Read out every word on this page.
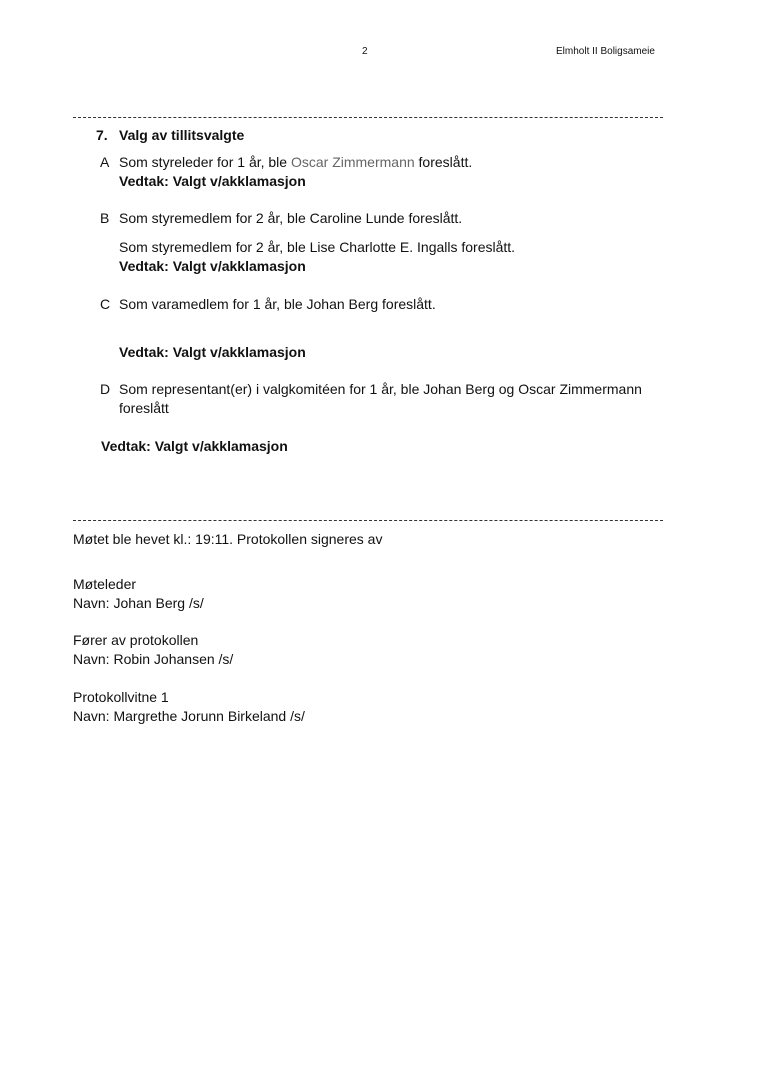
2	Elmholt II Boligsameie
7. Valg av tillitsvalgte
A Som styreleder for 1 år, ble Oscar Zimmermann foreslått.
Vedtak: Valgt v/akklamasjon
B Som styremedlem for 2 år, ble Caroline Lunde foreslått.
Som styremedlem for 2 år, ble Lise Charlotte E. Ingalls foreslått.
Vedtak: Valgt v/akklamasjon
C Som varamedlem for 1 år, ble Johan Berg foreslått.
Vedtak: Valgt v/akklamasjon
D Som representant(er) i valgkomitéen for 1 år, ble Johan Berg og Oscar Zimmermann
foreslått
Vedtak: Valgt v/akklamasjon
Møtet ble hevet kl.: 19:11. Protokollen signeres av
Møteleder
Navn: Johan Berg /s/
Fører av protokollen
Navn: Robin Johansen /s/
Protokollvitne 1
Navn: Margrethe Jorunn Birkeland /s/
